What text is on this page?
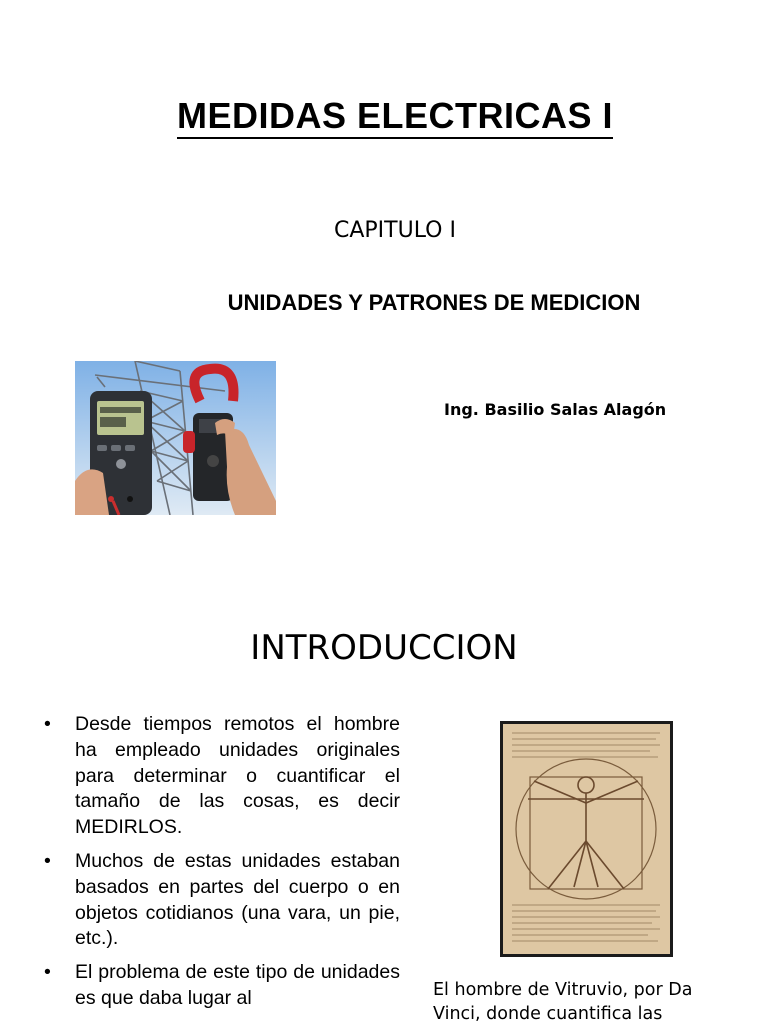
MEDIDAS ELECTRICAS I
CAPITULO I
UNIDADES Y PATRONES DE MEDICION
Ing. Basilio Salas Alagón
INTRODUCCION
• Desde tiempos remotos el hombre ha empleado unidades originales para determinar o cuantificar el tamaño de las cosas, es decir MEDIRLOS.
• Muchos de estas unidades estaban basados en partes del cuerpo o en objetos cotidianos (una vara, un pie, etc.).
• El problema de este tipo de unidades es que daba lugar al	El hombre de Vitruvio, por Da Vinci, donde cuantifica las
